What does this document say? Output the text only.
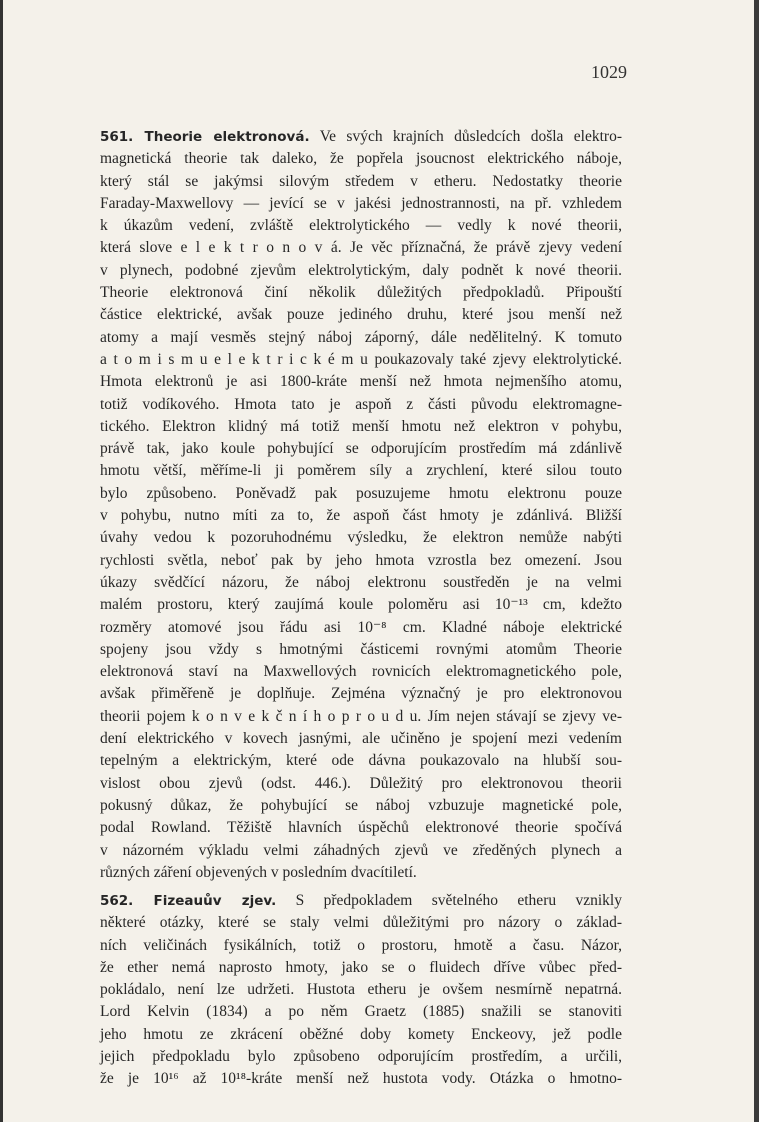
1029
561. Theorie elektronová. Ve svých krajních důsledcích došla elektro-
magnetická theorie tak daleko, že popřela jsoucnost elektrického náboje,
který stál se jakýmsi silovým středem v etheru. Nedostatky theorie
Faraday-Maxwellovy — jevící se v jakési jednostrannosti, na př. vzhledem
k úkazům vedení, zvláště elektrolytického — vedly k nové theorii,
která slove e l e k t r o n o v á. Je věc příznačná, že právě zjevy vedení
v plynech, podobné zjevům elektrolytickým, daly podnět k nové theorii.
Theorie elektronová činí několik důležitých předpokladů. Připouští
částice elektrické, avšak pouze jediného druhu, které jsou menší než
atomy a mají vesměs stejný náboj záporný, dále nedělitelný. K tomuto
a t o m i s m u e l e k t r i c k é m u poukazovaly také zjevy elektrolytické.
Hmota elektronů je asi 1800-kráte menší než hmota nejmenšího atomu,
totiž vodíkového. Hmota tato je aspoň z části původu elektromagne-
tického. Elektron klidný má totiž menší hmotu než elektron v pohybu,
právě tak, jako koule pohybující se odporujícím prostředím má zdánlivě
hmotu větší, měříme-li ji poměrem síly a zrychlení, které silou touto
bylo způsobeno. Poněvadž pak posuzujeme hmotu elektronu pouze
v pohybu, nutno míti za to, že aspoň část hmoty je zdánlivá. Bližší
úvahy vedou k pozoruhodnému výsledku, že elektron nemůže nabýti
rychlosti světla, neboť pak by jeho hmota vzrostla bez omezení. Jsou
úkazy svědčící názoru, že náboj elektronu soustředěn je na velmi
malém prostoru, který zaujímá koule poloměru asi 10⁻¹³ cm, kdežto
rozměry atomové jsou řádu asi 10⁻⁸ cm. Kladné náboje elektrické
spojeny jsou vždy s hmotnými částicemi rovnými atomům Theorie
elektronová staví na Maxwellových rovnicích elektromagnetického pole,
avšak přiměřeně je doplňuje. Zejména význačný je pro elektronovou
theorii pojem k o n v e k č n í h o p r o u d u. Jím nejen stávají se zjevy ve-
dení elektrického v kovech jasnými, ale učiněno je spojení mezi vedením
tepelným a elektrickým, které ode dávna poukazovalo na hlubší sou-
vislost obou zjevů (odst. 446.). Důležitý pro elektronovou theorii
pokusný důkaz, že pohybující se náboj vzbuzuje magnetické pole,
podal Rowland. Těžiště hlavních úspěchů elektronové theorie spočívá
v názorném výkladu velmi záhadných zjevů ve zředěných plynech a
různých záření objevených v posledním dvacítiletí.
562. Fizeauův zjev. S předpokladem světelného etheru vznikly
některé otázky, které se staly velmi důležitými pro názory o základ-
ních veličinách fysikálních, totiž o prostoru, hmotě a času. Názor,
že ether nemá naprosto hmoty, jako se o fluidech dříve vůbec před-
pokládalo, není lze udržeti. Hustota etheru je ovšem nesmírně nepatrná.
Lord Kelvin (1834) a po něm Graetz (1885) snažili se stanoviti
jeho hmotu ze zkrácení oběžné doby komety Enckeovy, jež podle
jejich předpokladu bylo způsobeno odporujícím prostředím, a určili,
že je 10¹⁶ až 10¹⁸-kráte menší než hustota vody. Otázka o hmotno-
